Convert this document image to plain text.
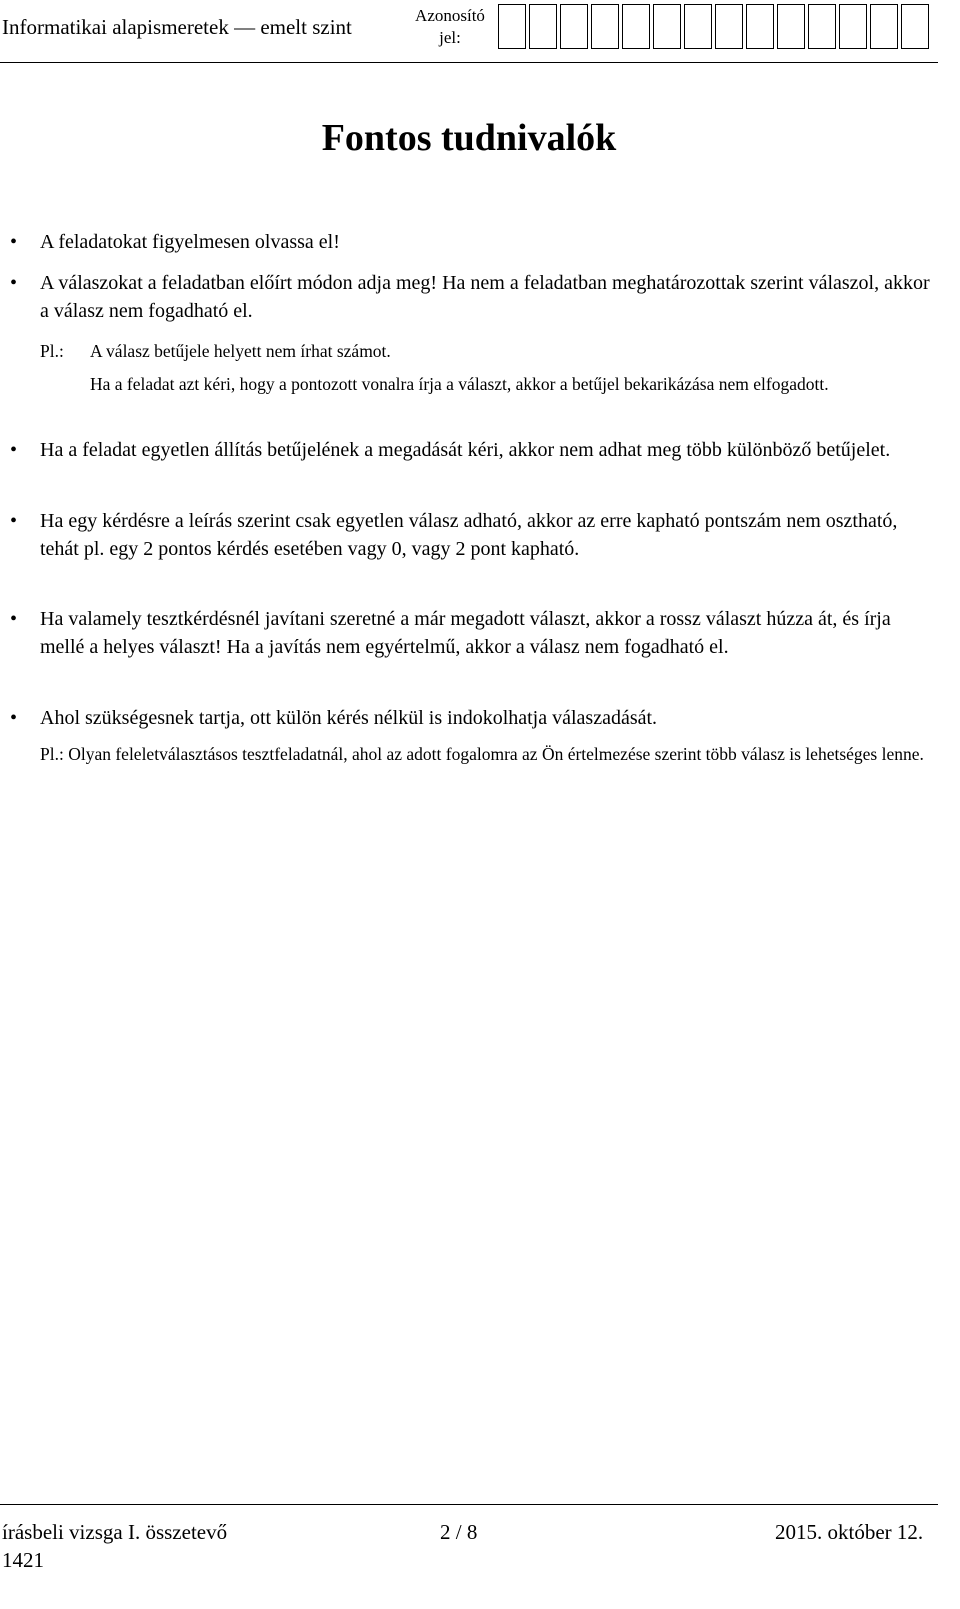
Informatikai alapismeretek — emelt szint	Azonosító jel:
Fontos tudnivalók
• A feladatokat figyelmesen olvassa el!
• A válaszokat a feladatban előírt módon adja meg! Ha nem a feladatban meghatározottak szerint válaszol, akkor a válasz nem fogadható el.
Pl.: A válasz betűjele helyett nem írhat számot.
Ha a feladat azt kéri, hogy a pontozott vonalra írja a választ, akkor a betűjel bekarikázása nem elfogadott.
• Ha a feladat egyetlen állítás betűjelének a megadását kéri, akkor nem adhat meg több különböző betűjelet.
• Ha egy kérdésre a leírás szerint csak egyetlen válasz adható, akkor az erre kapható pontszám nem osztható, tehát pl. egy 2 pontos kérdés esetében vagy 0, vagy 2 pont kapható.
• Ha valamely tesztkérdésnél javítani szeretné a már megadott választ, akkor a rossz választ húzza át, és írja mellé a helyes választ! Ha a javítás nem egyértelmű, akkor a válasz nem fogadható el.
• Ahol szükségesnek tartja, ott külön kérés nélkül is indokolhatja válaszadását.
Pl.: Olyan feleletválasztásos tesztfeladatnál, ahol az adott fogalomra az Ön értelmezése szerint több válasz is lehetséges lenne.
írásbeli vizsga I. összetevő
1421
2 / 8	2015. október 12.
